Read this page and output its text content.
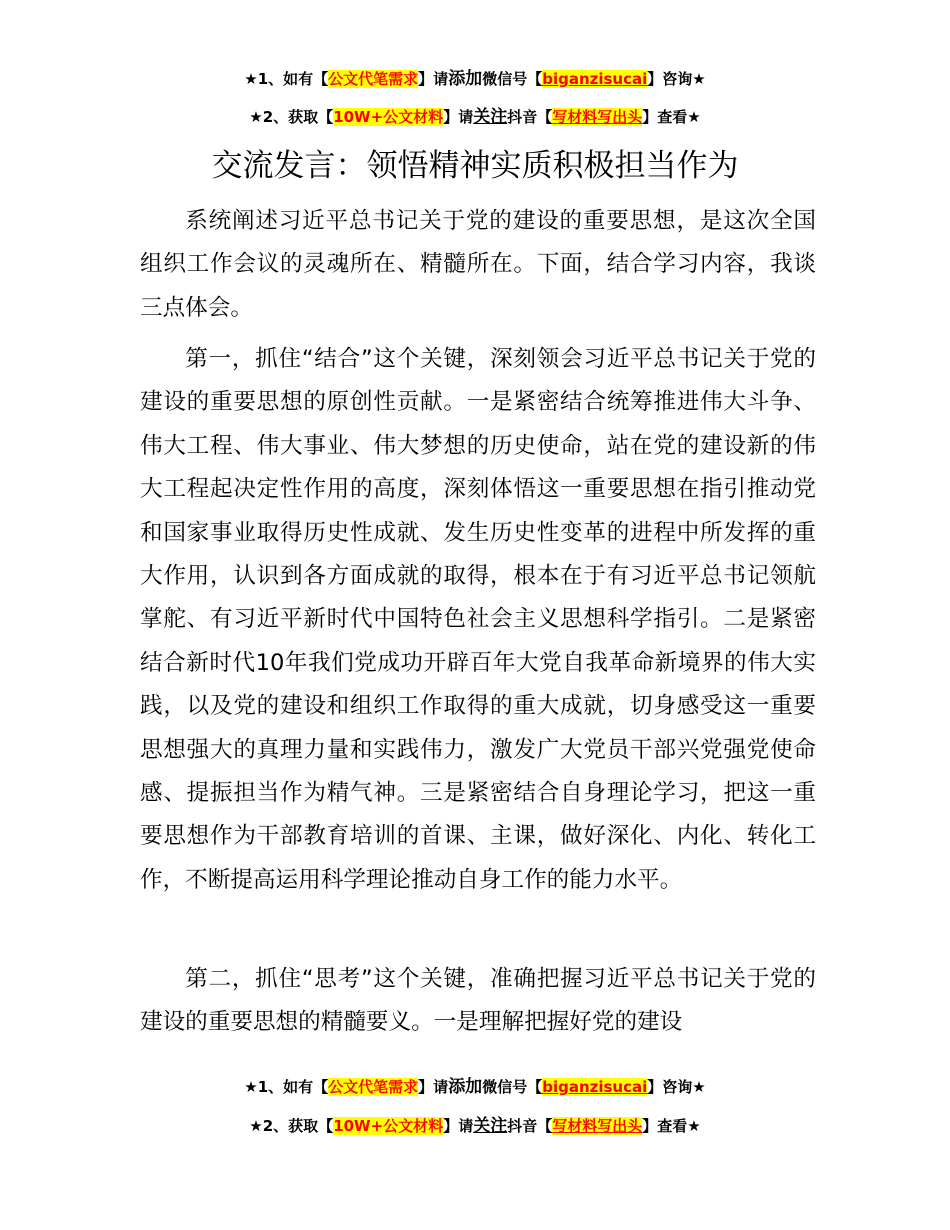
★1、如有【公文代笔需求】请添加微信号【biganzisucai】咨询★
★2、获取【10W+公文材料】请关注抖音【写材料写出头】查看★
交流发言：领悟精神实质积极担当作为

系统阐述习近平总书记关于党的建设的重要思想，是这次全国组织工作会议的灵魂所在、精髓所在。下面，结合学习内容，我谈三点体会。

第一，抓住“结合”这个关键，深刻领会习近平总书记关于党的建设的重要思想的原创性贡献。一是紧密结合统筹推进伟大斗争、伟大工程、伟大事业、伟大梦想的历史使命，站在党的建设新的伟大工程起决定性作用的高度，深刻体悟这一重要思想在指引推动党和国家事业取得历史性成就、发生历史性变革的进程中所发挥的重大作用，认识到各方面成就的取得，根本在于有习近平总书记领航掌舵、有习近平新时代中国特色社会主义思想科学指引。二是紧密结合新时代10年我们党成功开辟百年大党自我革命新境界的伟大实践，以及党的建设和组织工作取得的重大成就，切身感受这一重要思想强大的真理力量和实践伟力，激发广大党员干部兴党强党使命感、提振担当作为精气神。三是紧密结合自身理论学习，把这一重要思想作为干部教育培训的首课、主课，做好深化、内化、转化工作，不断提高运用科学理论推动自身工作的能力水平。

第二，抓住“思考”这个关键，准确把握习近平总书记关于党的建设的重要思想的精髓要义。一是理解把握好党的建设

★1、如有【公文代笔需求】请添加微信号【biganzisucai】咨询★
★2、获取【10W+公文材料】请关注抖音【写材料写出头】查看★
